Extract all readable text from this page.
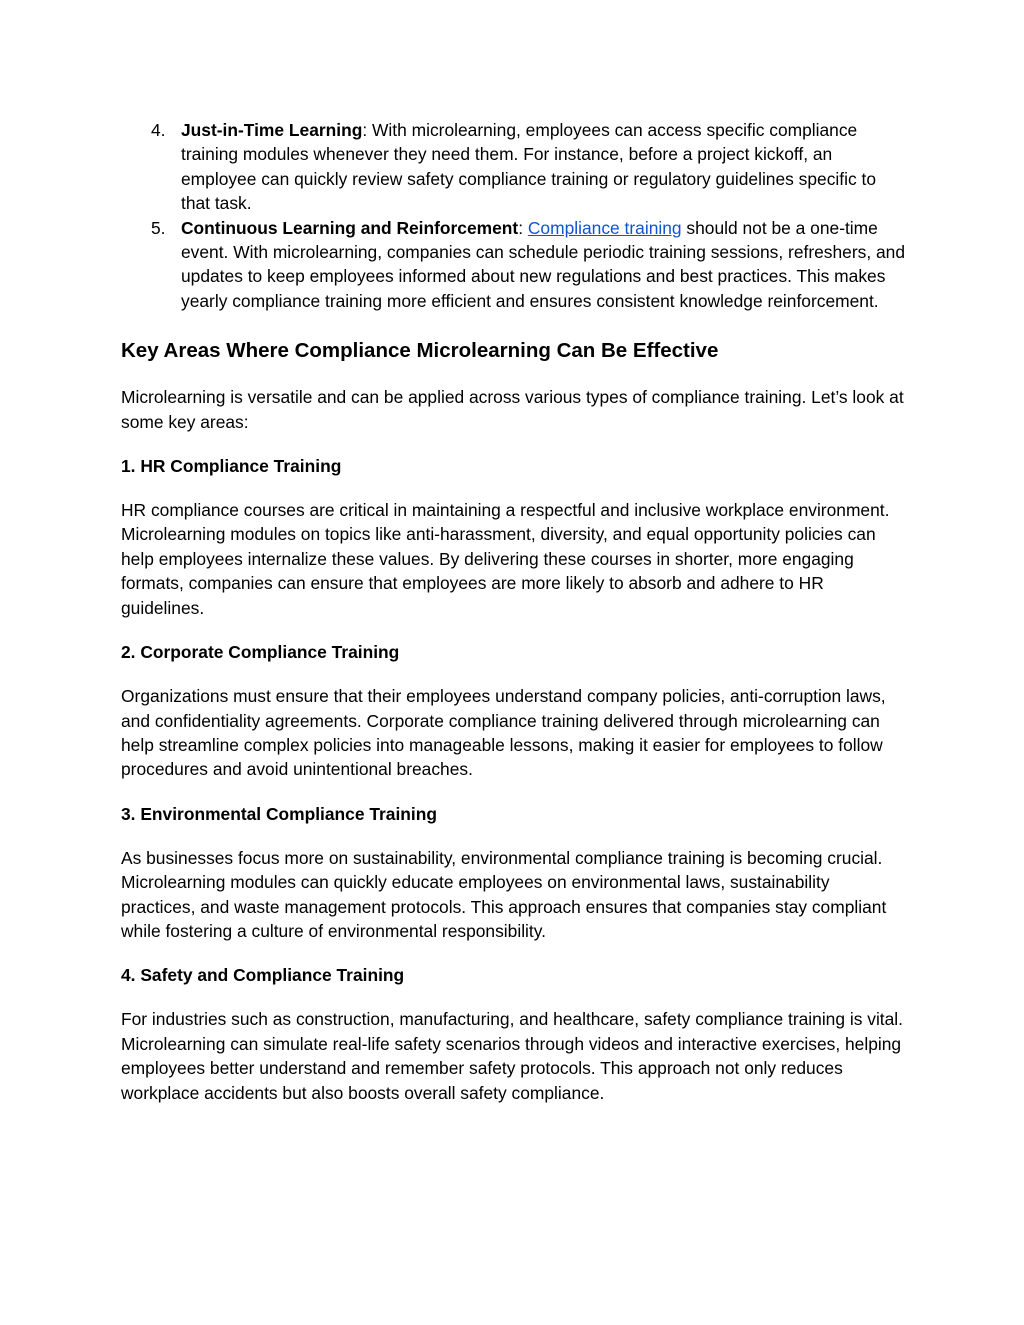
4. Just-in-Time Learning: With microlearning, employees can access specific compliance training modules whenever they need them. For instance, before a project kickoff, an employee can quickly review safety compliance training or regulatory guidelines specific to that task.
5. Continuous Learning and Reinforcement: Compliance training should not be a one-time event. With microlearning, companies can schedule periodic training sessions, refreshers, and updates to keep employees informed about new regulations and best practices. This makes yearly compliance training more efficient and ensures consistent knowledge reinforcement.
Key Areas Where Compliance Microlearning Can Be Effective

Microlearning is versatile and can be applied across various types of compliance training. Let’s look at some key areas:

1. HR Compliance Training

HR compliance courses are critical in maintaining a respectful and inclusive workplace environment. Microlearning modules on topics like anti-harassment, diversity, and equal opportunity policies can help employees internalize these values. By delivering these courses in shorter, more engaging formats, companies can ensure that employees are more likely to absorb and adhere to HR guidelines.

2. Corporate Compliance Training

Organizations must ensure that their employees understand company policies, anti-corruption laws, and confidentiality agreements. Corporate compliance training delivered through microlearning can help streamline complex policies into manageable lessons, making it easier for employees to follow procedures and avoid unintentional breaches.

3. Environmental Compliance Training

As businesses focus more on sustainability, environmental compliance training is becoming crucial. Microlearning modules can quickly educate employees on environmental laws, sustainability practices, and waste management protocols. This approach ensures that companies stay compliant while fostering a culture of environmental responsibility.

4. Safety and Compliance Training

For industries such as construction, manufacturing, and healthcare, safety compliance training is vital. Microlearning can simulate real-life safety scenarios through videos and interactive exercises, helping employees better understand and remember safety protocols. This approach not only reduces workplace accidents but also boosts overall safety compliance.
